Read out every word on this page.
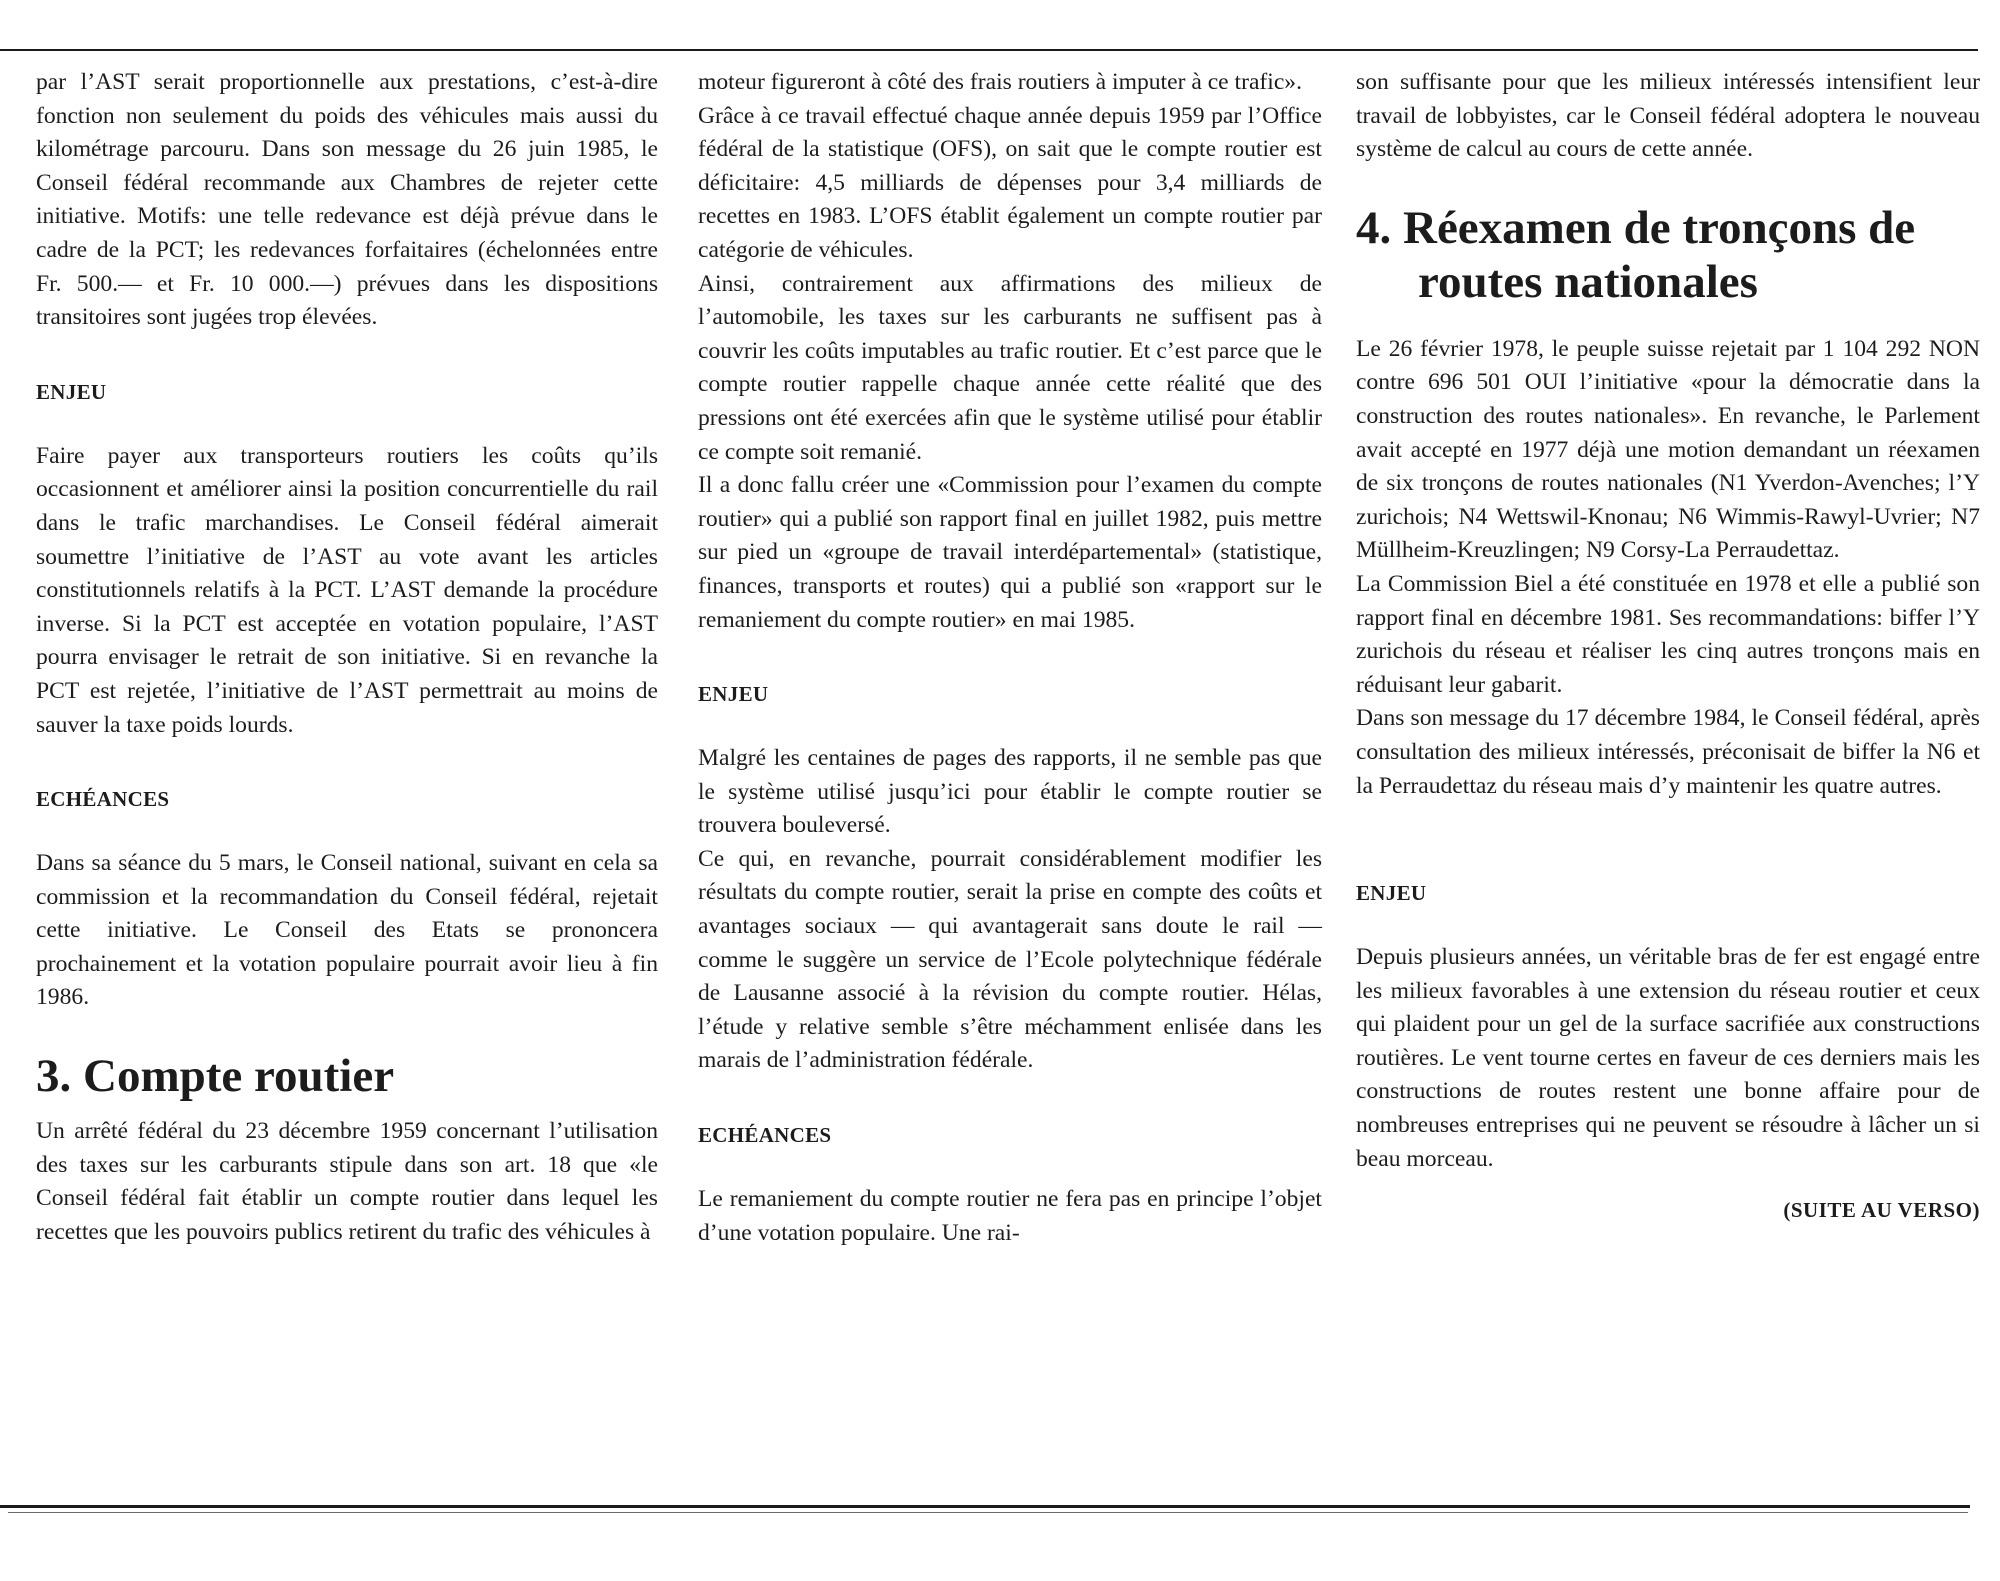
par l’AST serait proportionnelle aux prestations, c’est-à-dire fonction non seulement du poids des véhicules mais aussi du kilométrage parcouru. Dans son message du 26 juin 1985, le Conseil fédéral recommande aux Chambres de rejeter cette initiative. Motifs: une telle redevance est déjà prévue dans le cadre de la PCT; les redevances forfaitaires (échelonnées entre Fr. 500.— et Fr. 10 000.—) prévues dans les dispositions transitoires sont jugées trop élevées.

ENJEU

Faire payer aux transporteurs routiers les coûts qu’ils occasionnent et améliorer ainsi la position concurrentielle du rail dans le trafic marchandises. Le Conseil fédéral aimerait soumettre l’initiative de l’AST au vote avant les articles constitutionnels relatifs à la PCT. L’AST demande la procédure inverse. Si la PCT est acceptée en votation populaire, l’AST pourra envisager le retrait de son initiative. Si en revanche la PCT est rejetée, l’initiative de l’AST permettrait au moins de sauver la taxe poids lourds.

ECHÉANCES

Dans sa séance du 5 mars, le Conseil national, suivant en cela sa commission et la recommandation du Conseil fédéral, rejetait cette initiative. Le Conseil des Etats se prononcera prochainement et la votation populaire pourrait avoir lieu à fin 1986.

3. Compte routier

Un arrêté fédéral du 23 décembre 1959 concernant l’utilisation des taxes sur les carburants stipule dans son art. 18 que «le Conseil fédéral fait établir un compte routier dans lequel les recettes que les pouvoirs publics retirent du trafic des véhicules à

moteur figureront à côté des frais routiers à imputer à ce trafic».

Grâce à ce travail effectué chaque année depuis 1959 par l’Office fédéral de la statistique (OFS), on sait que le compte routier est déficitaire: 4,5 milliards de dépenses pour 3,4 milliards de recettes en 1983. L’OFS établit également un compte routier par catégorie de véhicules.

Ainsi, contrairement aux affirmations des milieux de l’automobile, les taxes sur les carburants ne suffisent pas à couvrir les coûts imputables au trafic routier. Et c’est parce que le compte routier rappelle chaque année cette réalité que des pressions ont été exercées afin que le système utilisé pour établir ce compte soit remanié.

Il a donc fallu créer une «Commission pour l’examen du compte routier» qui a publié son rapport final en juillet 1982, puis mettre sur pied un «groupe de travail interdépartemental» (statistique, finances, transports et routes) qui a publié son «rapport sur le remaniement du compte routier» en mai 1985.

ENJEU

Malgré les centaines de pages des rapports, il ne semble pas que le système utilisé jusqu’ici pour établir le compte routier se trouvera bouleversé.

Ce qui, en revanche, pourrait considérablement modifier les résultats du compte routier, serait la prise en compte des coûts et avantages sociaux — qui avantagerait sans doute le rail — comme le suggère un service de l’Ecole polytechnique fédérale de Lausanne associé à la révision du compte routier. Hélas, l’étude y relative semble s’être méchamment enlisée dans les marais de l’administration fédérale.

ECHÉANCES

Le remaniement du compte routier ne fera pas en principe l’objet d’une votation populaire. Une rai-

son suffisante pour que les milieux intéressés intensifient leur travail de lobbyistes, car le Conseil fédéral adoptera le nouveau système de calcul au cours de cette année.

4. Réexamen de tronçons de routes nationales

Le 26 février 1978, le peuple suisse rejetait par 1 104 292 NON contre 696 501 OUI l’initiative «pour la démocratie dans la construction des routes nationales». En revanche, le Parlement avait accepté en 1977 déjà une motion demandant un réexamen de six tronçons de routes nationales (N1 Yverdon-Avenches; l’Y zurichois; N4 Wettswil-Knonau; N6 Wimmis-Rawyl-Uvrier; N7 Müllheim-Kreuzlingen; N9 Corsy-La Perraudettaz.

La Commission Biel a été constituée en 1978 et elle a publié son rapport final en décembre 1981. Ses recommandations: biffer l’Y zurichois du réseau et réaliser les cinq autres tronçons mais en réduisant leur gabarit.

Dans son message du 17 décembre 1984, le Conseil fédéral, après consultation des milieux intéressés, préconisait de biffer la N6 et la Perraudettaz du réseau mais d’y maintenir les quatre autres.

ENJEU

Depuis plusieurs années, un véritable bras de fer est engagé entre les milieux favorables à une extension du réseau routier et ceux qui plaident pour un gel de la surface sacrifiée aux constructions routières. Le vent tourne certes en faveur de ces derniers mais les constructions de routes restent une bonne affaire pour de nombreuses entreprises qui ne peuvent se résoudre à lâcher un si beau morceau.

(SUITE AU VERSO)
